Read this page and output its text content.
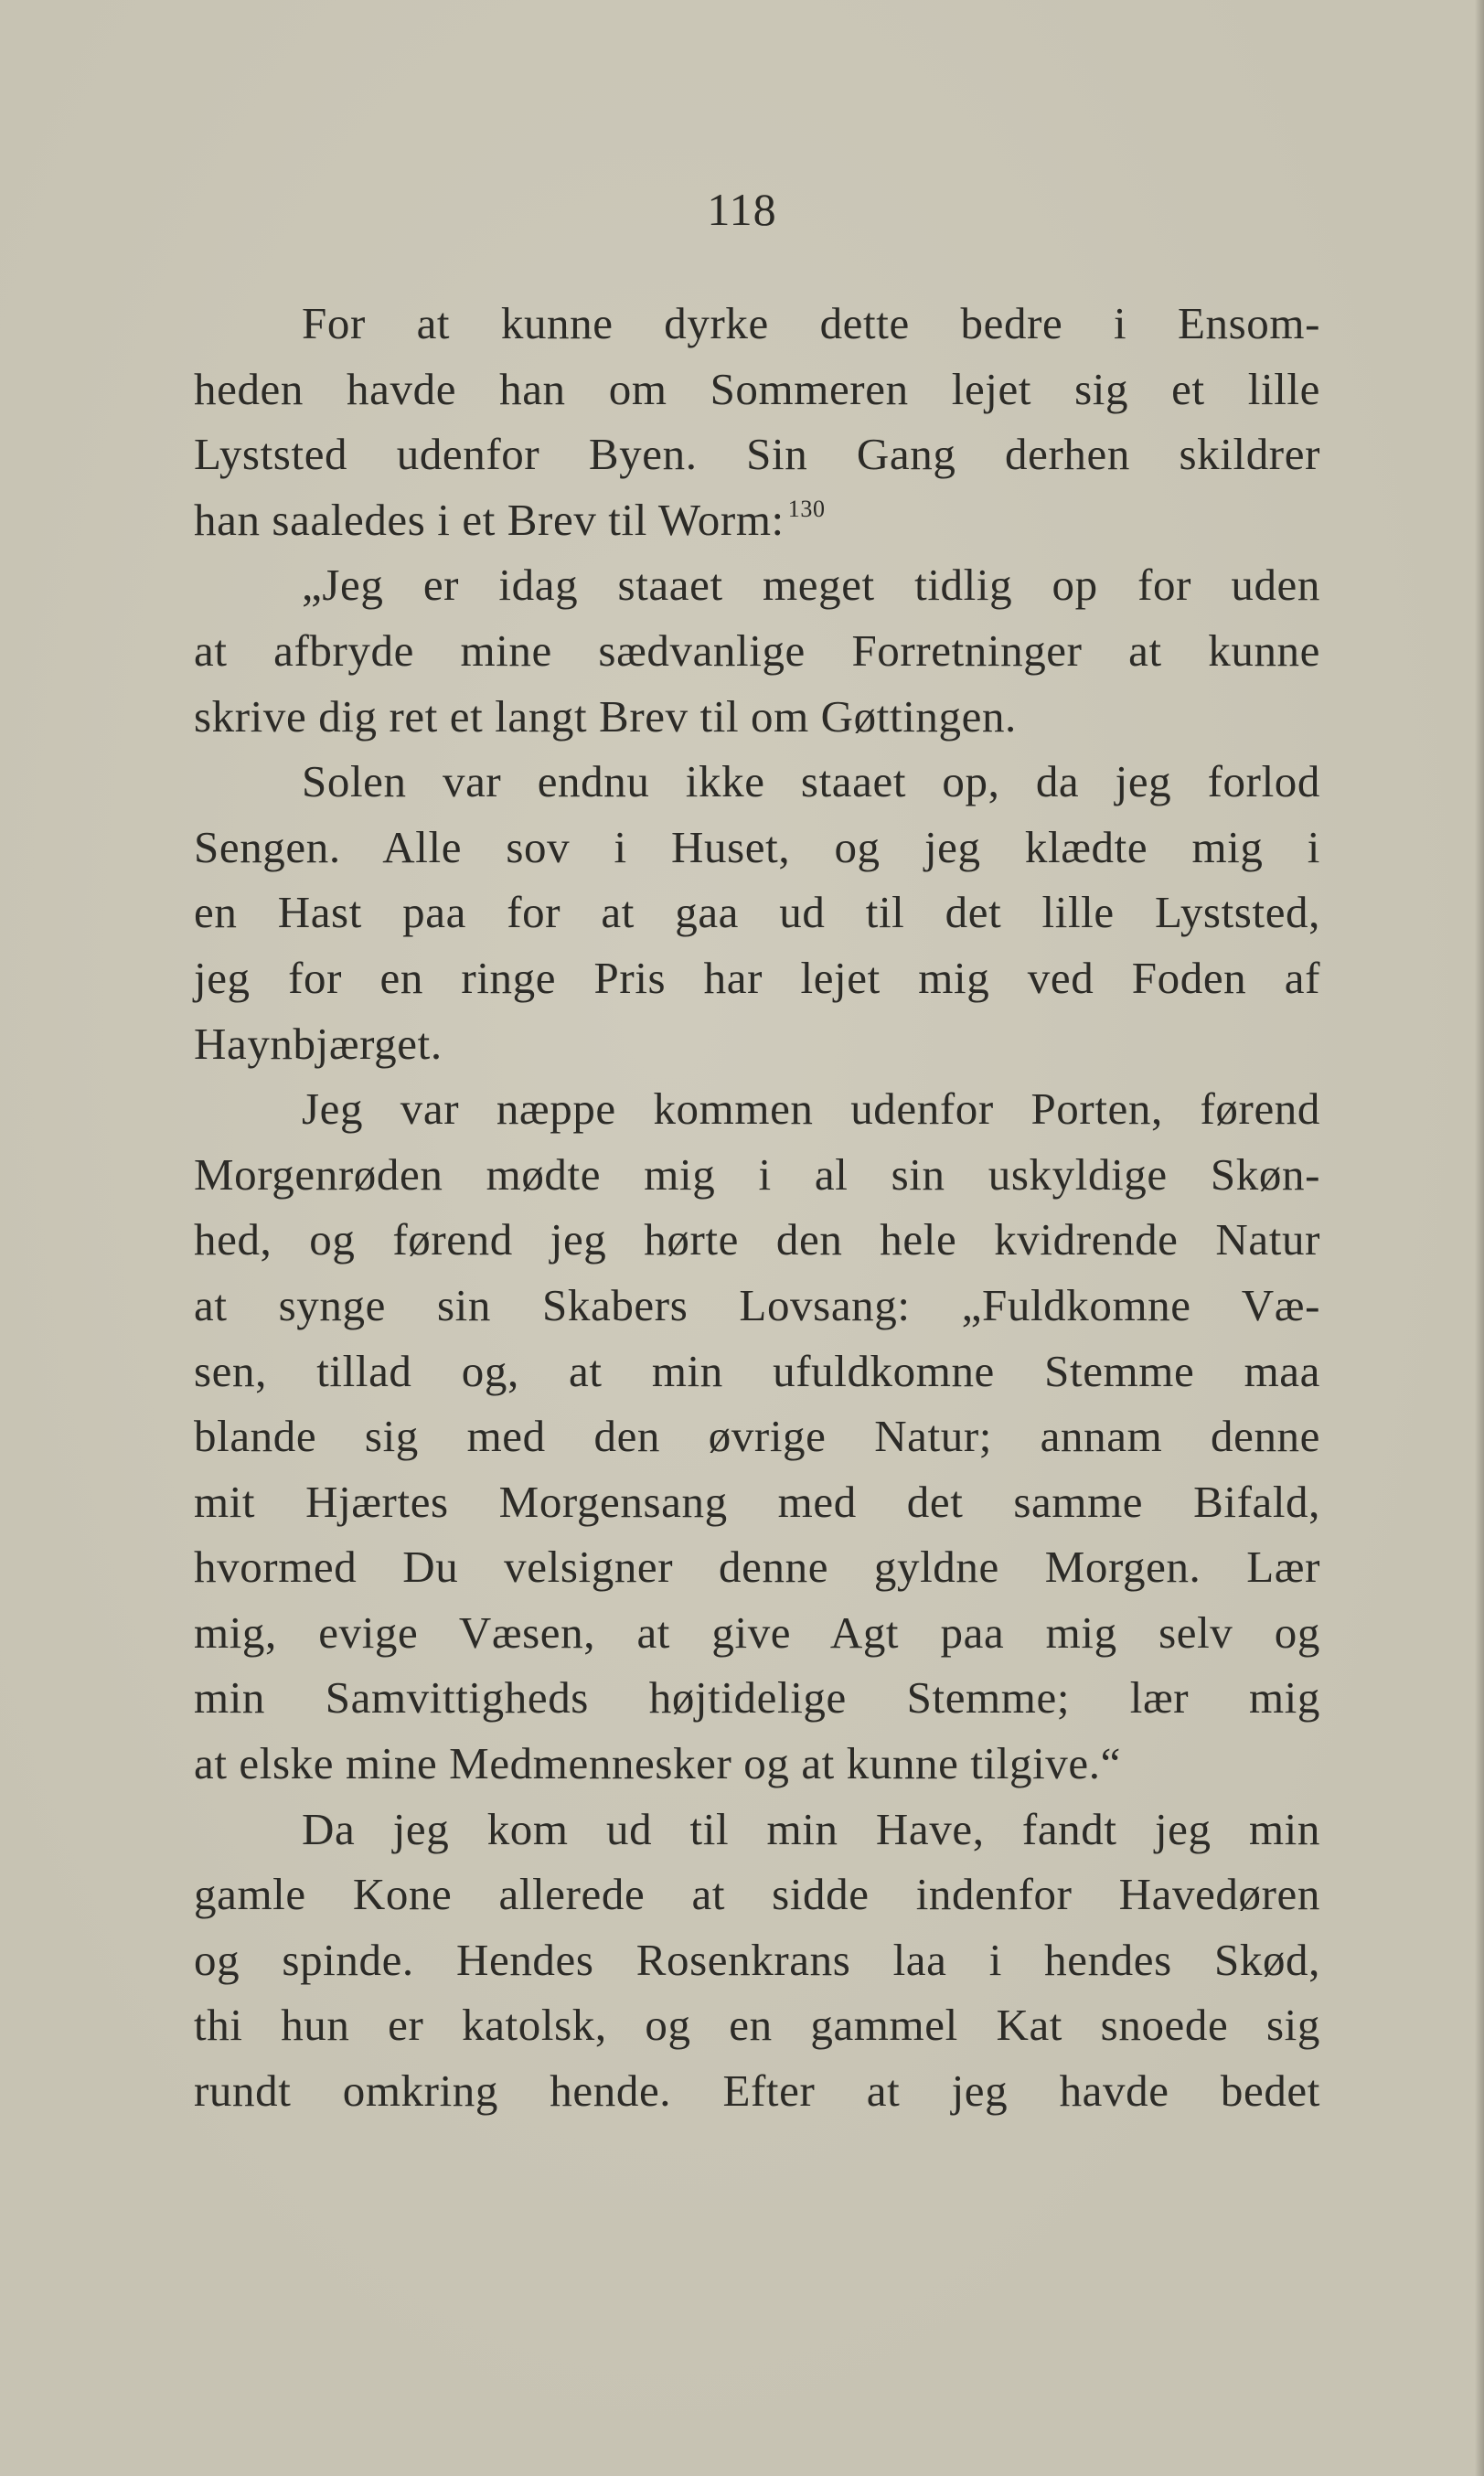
118
For at kunne dyrke dette bedre i Ensom-
heden havde han om Sommeren lejet sig et lille
Lyststed udenfor Byen. Sin Gang derhen skildrer
han saaledes i et Brev til Worm: $^{130}$
„Jeg er idag staaet meget tidlig op for uden
at afbryde mine sædvanlige Forretninger at kunne
skrive dig ret et langt Brev til om Gøttingen.
Solen var endnu ikke staaet op, da jeg forlod
Sengen. Alle sov i Huset, og jeg klædte mig i
en Hast paa for at gaa ud til det lille Lyststed,
jeg for en ringe Pris har lejet mig ved Foden af
Haynbjærget.
Jeg var næppe kommen udenfor Porten, førend
Morgenrøden mødte mig i al sin uskyldige Skøn-
hed, og førend jeg hørte den hele kvidrende Natur
at synge sin Skabers Lovsang: „Fuldkomne Væ-
sen, tillad og, at min ufuldkomne Stemme maa
blande sig med den øvrige Natur; annam denne
mit Hjærtes Morgensang med det samme Bifald,
hvormed Du velsigner denne gyldne Morgen. Lær
mig, evige Væsen, at give Agt paa mig selv og
min Samvittigheds højtidelige Stemme; lær mig
at elske mine Medmennesker og at kunne tilgive.“
Da jeg kom ud til min Have, fandt jeg min
gamle Kone allerede at sidde indenfor Havedøren
og spinde. Hendes Rosenkrans laa i hendes Skød,
thi hun er katolsk, og en gammel Kat snoede sig
rundt omkring hende. Efter at jeg havde bedet
